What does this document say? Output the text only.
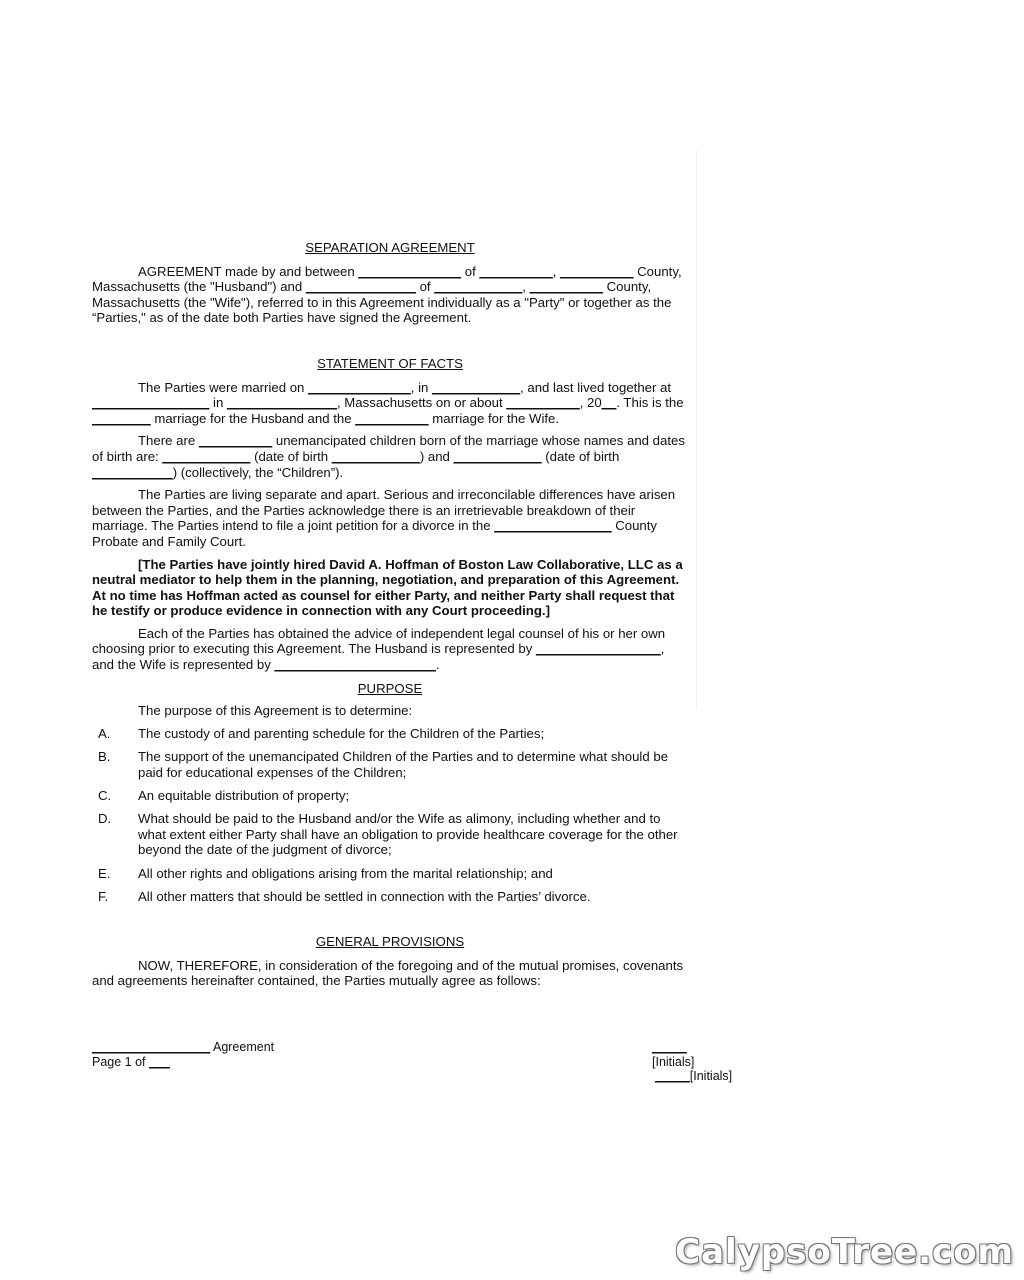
SEPARATION AGREEMENT

AGREEMENT made by and between ______________ of __________, __________ County, Massachusetts (the "Husband") and _______________ of ____________, __________ County, Massachusetts (the "Wife"), referred to in this Agreement individually as a "Party" or together as the “Parties," as of the date both Parties have signed the Agreement.

STATEMENT OF FACTS

The Parties were married on ______________, in ____________, and last lived together at ________________ in _______________, Massachusetts on or about __________, 20__. This is the ________ marriage for the Husband and the __________ marriage for the Wife.

There are __________ unemancipated children born of the marriage whose names and dates of birth are: ____________ (date of birth ____________) and ____________ (date of birth ___________) (collectively, the “Children”).

The Parties are living separate and apart. Serious and irreconcilable differences have arisen between the Parties, and the Parties acknowledge there is an irretrievable breakdown of their marriage. The Parties intend to file a joint petition for a divorce in the ________________ County Probate and Family Court.

[The Parties have jointly hired David A. Hoffman of Boston Law Collaborative, LLC as a neutral mediator to help them in the planning, negotiation, and preparation of this Agreement. At no time has Hoffman acted as counsel for either Party, and neither Party shall request that he testify or produce evidence in connection with any Court proceeding.]

Each of the Parties has obtained the advice of independent legal counsel of his or her own choosing prior to executing this Agreement. The Husband is represented by _________________, and the Wife is represented by ______________________.

PURPOSE

The purpose of this Agreement is to determine:

A. The custody of and parenting schedule for the Children of the Parties;
B. The support of the unemancipated Children of the Parties and to determine what should be paid for educational expenses of the Children;
C. An equitable distribution of property;
D. What should be paid to the Husband and/or the Wife as alimony, including whether and to what extent either Party shall have an obligation to provide healthcare coverage for the other beyond the date of the judgment of divorce;
E. All other rights and obligations arising from the marital relationship; and
F. All other matters that should be settled in connection with the Parties’ divorce.

GENERAL PROVISIONS

NOW, THEREFORE, in consideration of the foregoing and of the mutual promises, covenants and agreements hereinafter contained, the Parties mutually agree as follows:

_________________ Agreement
Page 1 of ___
_____ [Initials]
_____[Initials]
CalypsoTree.com
